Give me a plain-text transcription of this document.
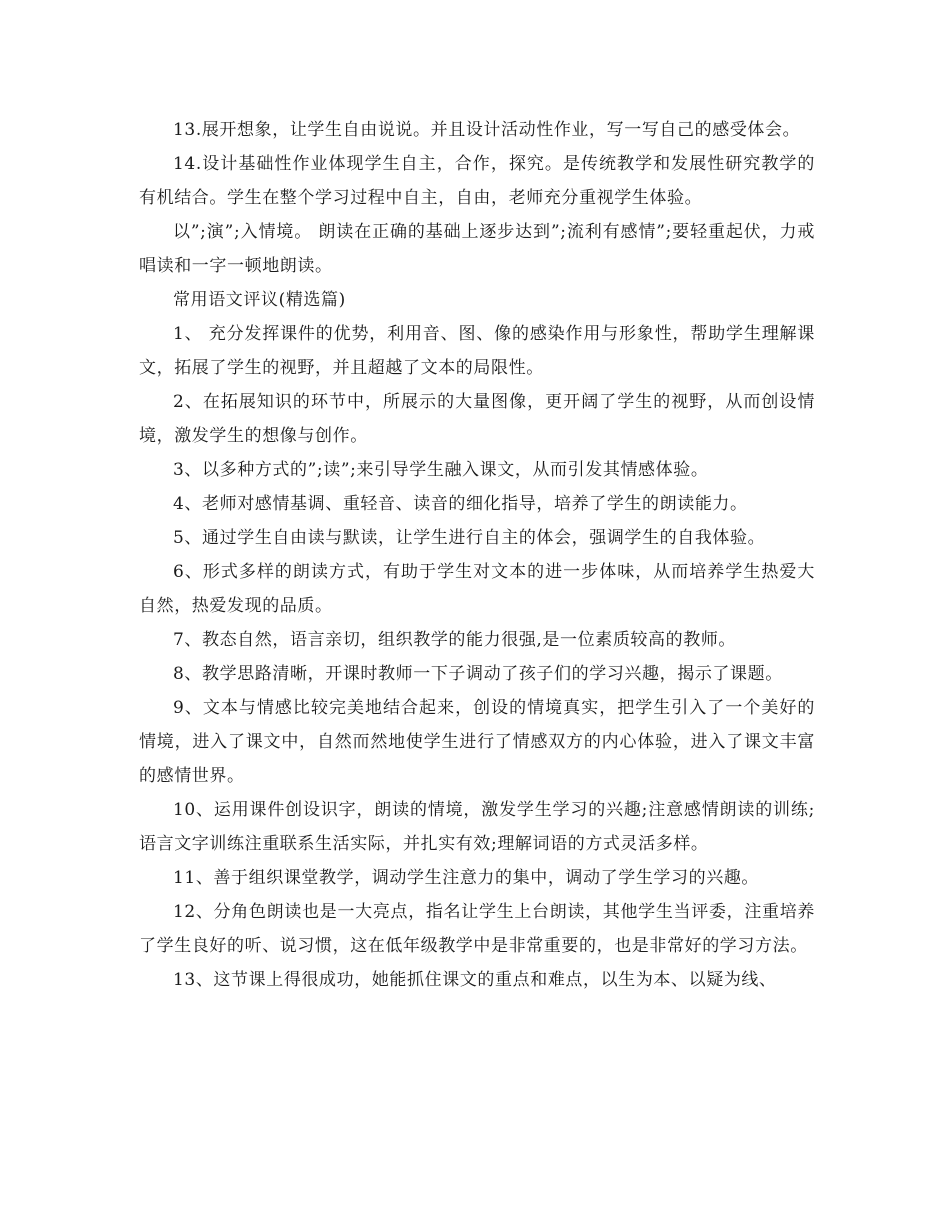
13.展开想象，让学生自由说说。并且设计活动性作业，写一写自己的感受体会。

14.设计基础性作业体现学生自主，合作，探究。是传统教学和发展性研究教学的有机结合。学生在整个学习过程中自主，自由，老师充分重视学生体验。

以”;演”;入情境。 朗读在正确的基础上逐步达到”;流利有感情”;要轻重起伏，力戒唱读和一字一顿地朗读。

常用语文评议(精选篇)

1、 充分发挥课件的优势，利用音、图、像的感染作用与形象性，帮助学生理解课文，拓展了学生的视野，并且超越了文本的局限性。

2、在拓展知识的环节中，所展示的大量图像，更开阔了学生的视野，从而创设情境，激发学生的想像与创作。

3、以多种方式的”;读”;来引导学生融入课文，从而引发其情感体验。

4、老师对感情基调、重轻音、读音的细化指导，培养了学生的朗读能力。

5、通过学生自由读与默读，让学生进行自主的体会，强调学生的自我体验。

6、形式多样的朗读方式，有助于学生对文本的进一步体味，从而培养学生热爱大自然，热爱发现的品质。

7、教态自然，语言亲切，组织教学的能力很强,是一位素质较高的教师。

8、教学思路清晰，开课时教师一下子调动了孩子们的学习兴趣，揭示了课题。

9、文本与情感比较完美地结合起来，创设的情境真实，把学生引入了一个美好的情境，进入了课文中，自然而然地使学生进行了情感双方的内心体验，进入了课文丰富的感情世界。

10、运用课件创设识字，朗读的情境，激发学生学习的兴趣;注意感情朗读的训练;语言文字训练注重联系生活实际，并扎实有效;理解词语的方式灵活多样。

11、善于组织课堂教学，调动学生注意力的集中，调动了学生学习的兴趣。

12、分角色朗读也是一大亮点，指名让学生上台朗读，其他学生当评委，注重培养了学生良好的听、说习惯，这在低年级教学中是非常重要的，也是非常好的学习方法。

13、这节课上得很成功，她能抓住课文的重点和难点，以生为本、以疑为线、
